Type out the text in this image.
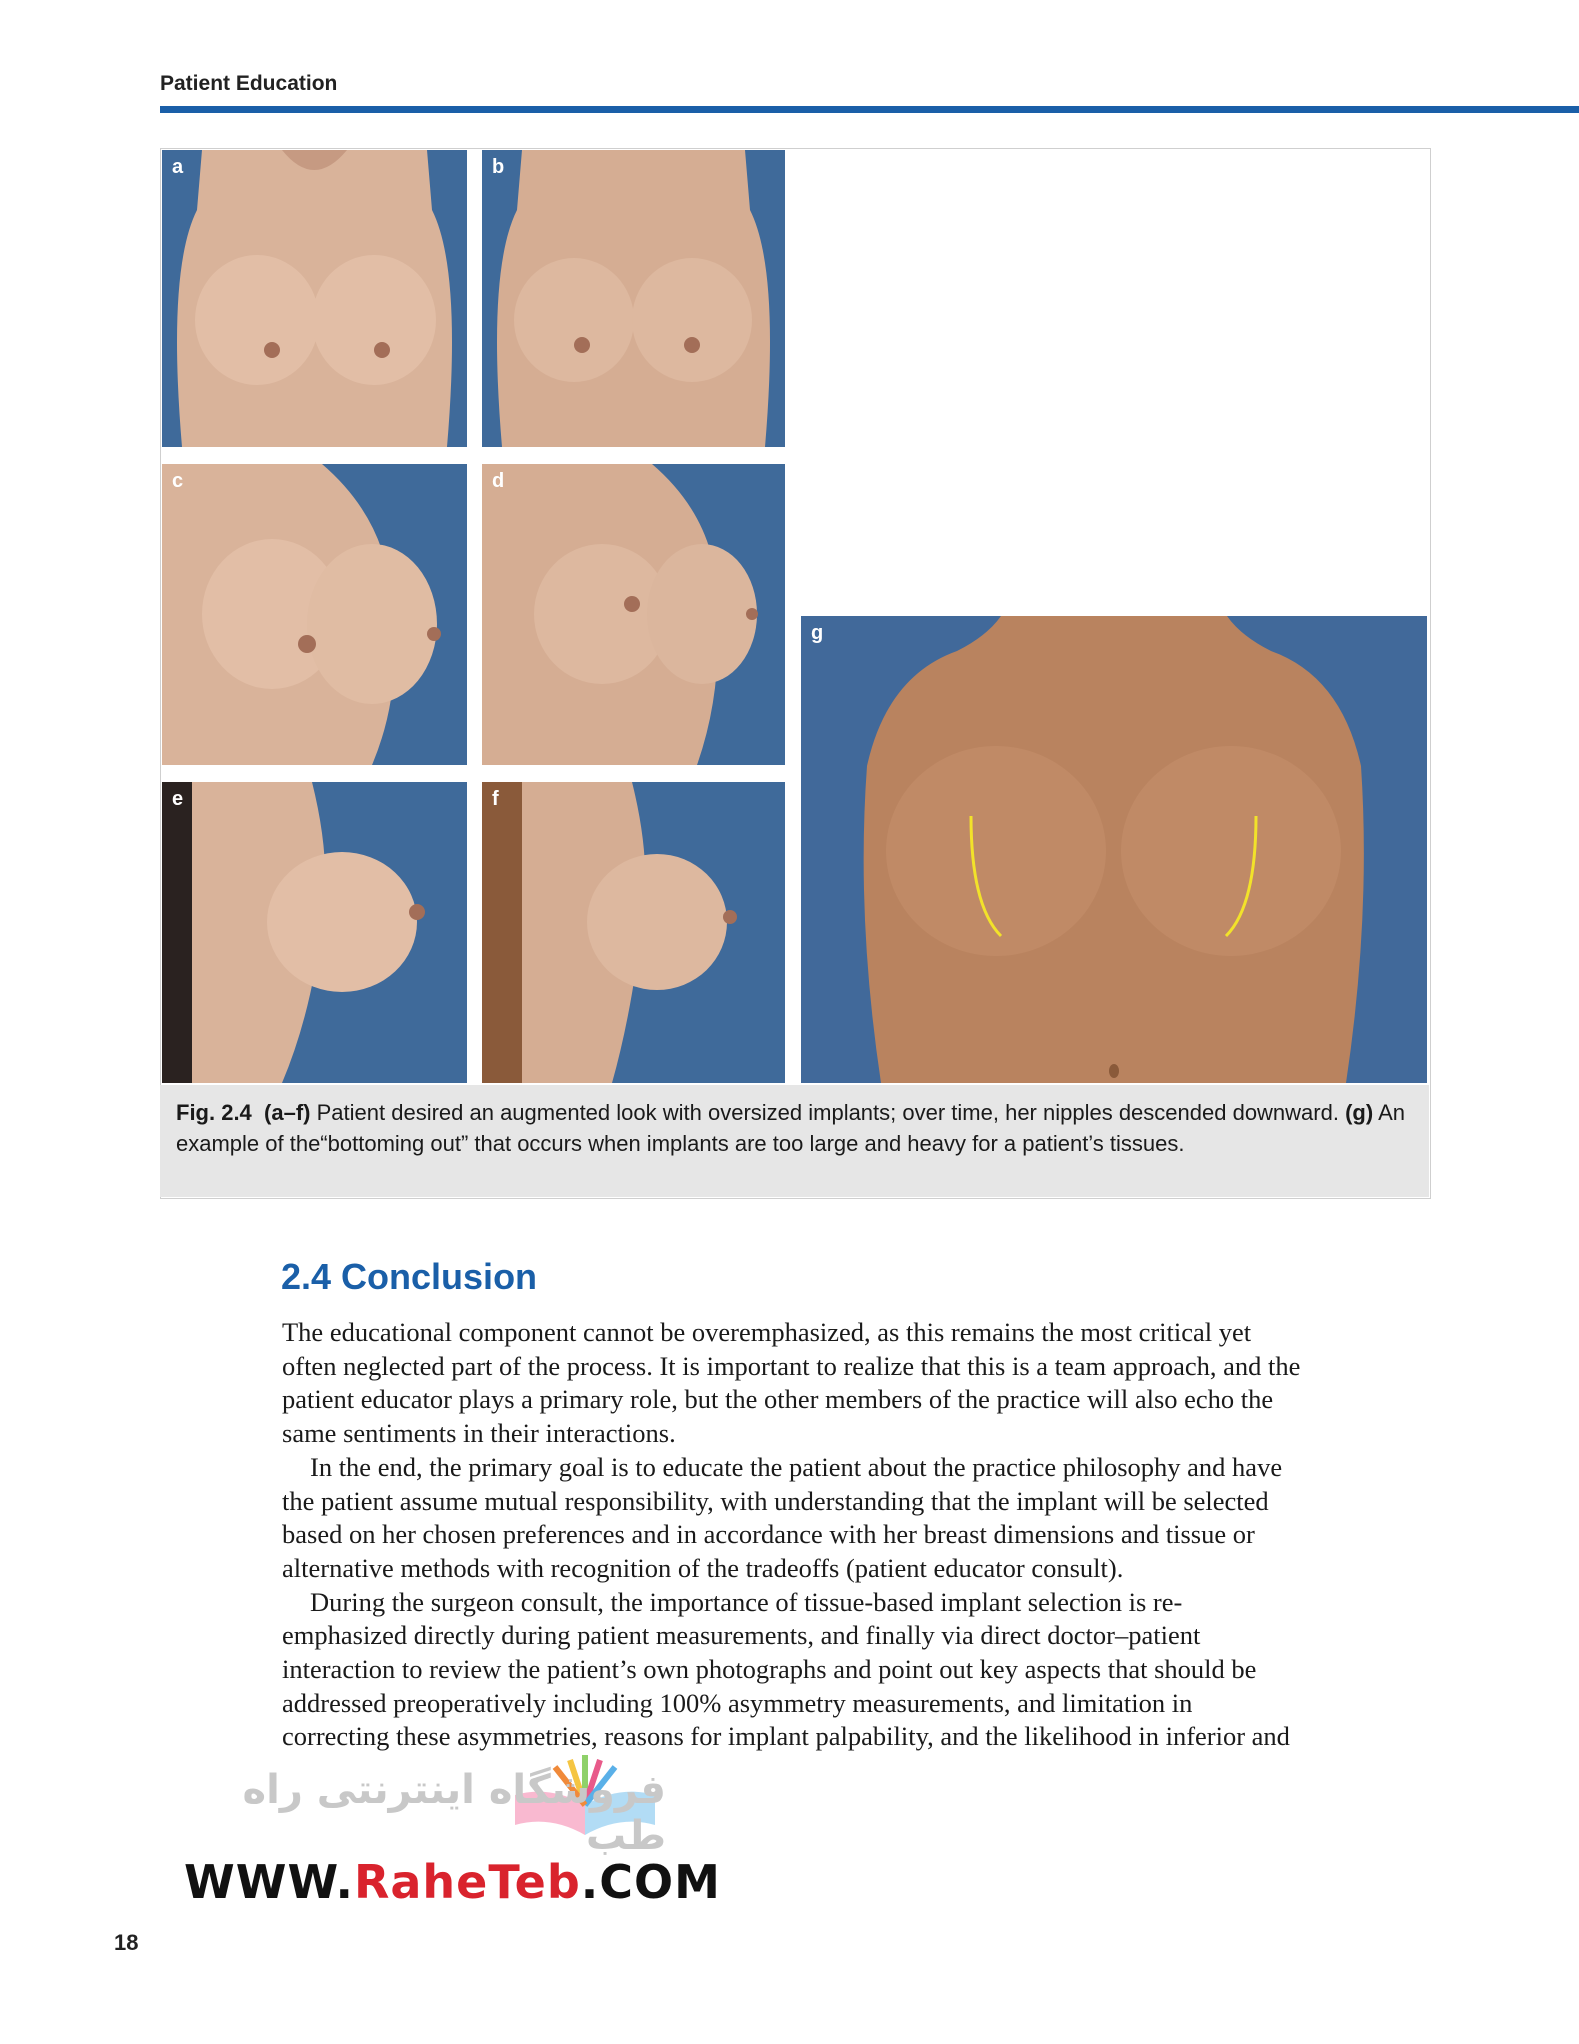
Patient Education
a	b
c	d
e	f
g
Fig. 2.4 (a–f) Patient desired an augmented look with oversized implants; over time, her nipples descended downward. (g) An example of the“bottoming out” that occurs when implants are too large and heavy for a patient’s tissues.
2.4 Conclusion

The educational component cannot be overemphasized, as this remains the most critical yet often neglected part of the process. It is important to realize that this is a team approach, and the patient educator plays a primary role, but the other members of the practice will also echo the same sentiments in their interactions.

In the end, the primary goal is to educate the patient about the practice philosophy and have the patient assume mutual responsibility, with understanding that the implant will be selected based on her chosen preferences and in accordance with her breast dimensions and tissue or alternative methods with recognition of the tradeoffs (patient educator consult).

During the surgeon consult, the importance of tissue-based implant selection is re-emphasized directly during patient measurements, and finally via direct doctor–patient interaction to review the patient’s own photographs and point out key aspects that should be addressed preoperatively including 100% asymmetry measurements, and limitation in correcting these asymmetries, reasons for implant palpability, and the likelihood in inferior and

فروشگاه اینترنتی راه طب
WWW.RaheTeb.COM
18
